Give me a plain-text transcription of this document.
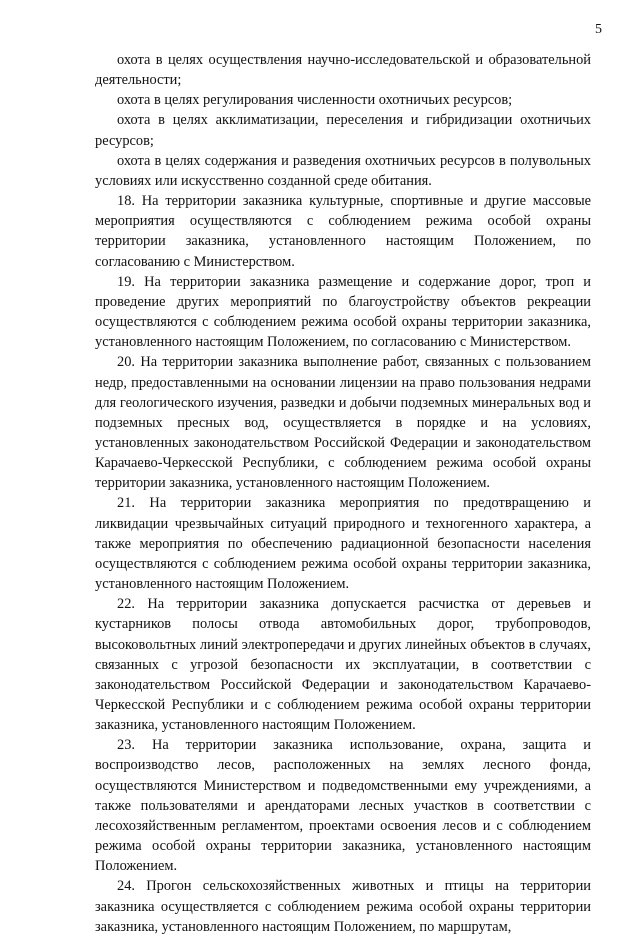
5

охота в целях осуществления научно-исследовательской и образовательной деятельности;

охота в целях регулирования численности охотничьих ресурсов;

охота в целях акклиматизации, переселения и гибридизации охотничьих ресурсов;

охота в целях содержания и разведения охотничьих ресурсов в полувольных условиях или искусственно созданной среде обитания.

18. На территории заказника культурные, спортивные и другие массовые мероприятия осуществляются с соблюдением режима особой охраны территории заказника, установленного настоящим Положением, по согласованию с Министерством.

19. На территории заказника размещение и содержание дорог, троп и проведение других мероприятий по благоустройству объектов рекреации осуществляются с соблюдением режима особой охраны территории заказника, установленного настоящим Положением, по согласованию с Министерством.

20. На территории заказника выполнение работ, связанных с пользованием недр, предоставленными на основании лицензии на право пользования недрами для геологического изучения, разведки и добычи подземных минеральных вод и подземных пресных вод, осуществляется в порядке и на условиях, установленных законодательством Российской Федерации и законодательством Карачаево-Черкесской Республики, с соблюдением режима особой охраны территории заказника, установленного настоящим Положением.

21. На территории заказника мероприятия по предотвращению и ликвидации чрезвычайных ситуаций природного и техногенного характера, а также мероприятия по обеспечению радиационной безопасности населения осуществляются с соблюдением режима особой охраны территории заказника, установленного настоящим Положением.

22. На территории заказника допускается расчистка от деревьев и кустарников полосы отвода автомобильных дорог, трубопроводов, высоковольтных линий электропередачи и других линейных объектов в случаях, связанных с угрозой безопасности их эксплуатации, в соответствии с законодательством Российской Федерации и законодательством Карачаево-Черкесской Республики и с соблюдением режима особой охраны территории заказника, установленного настоящим Положением.

23. На территории заказника использование, охрана, защита и воспроизводство лесов, расположенных на землях лесного фонда, осуществляются Министерством и подведомственными ему учреждениями, а также пользователями и арендаторами лесных участков в соответствии с лесохозяйственным регламентом, проектами освоения лесов и с соблюдением режима особой охраны территории заказника, установленного настоящим Положением.

24. Прогон сельскохозяйственных животных и птицы на территории заказника осуществляется с соблюдением режима особой охраны территории заказника, установленного настоящим Положением, по маршрутам,
